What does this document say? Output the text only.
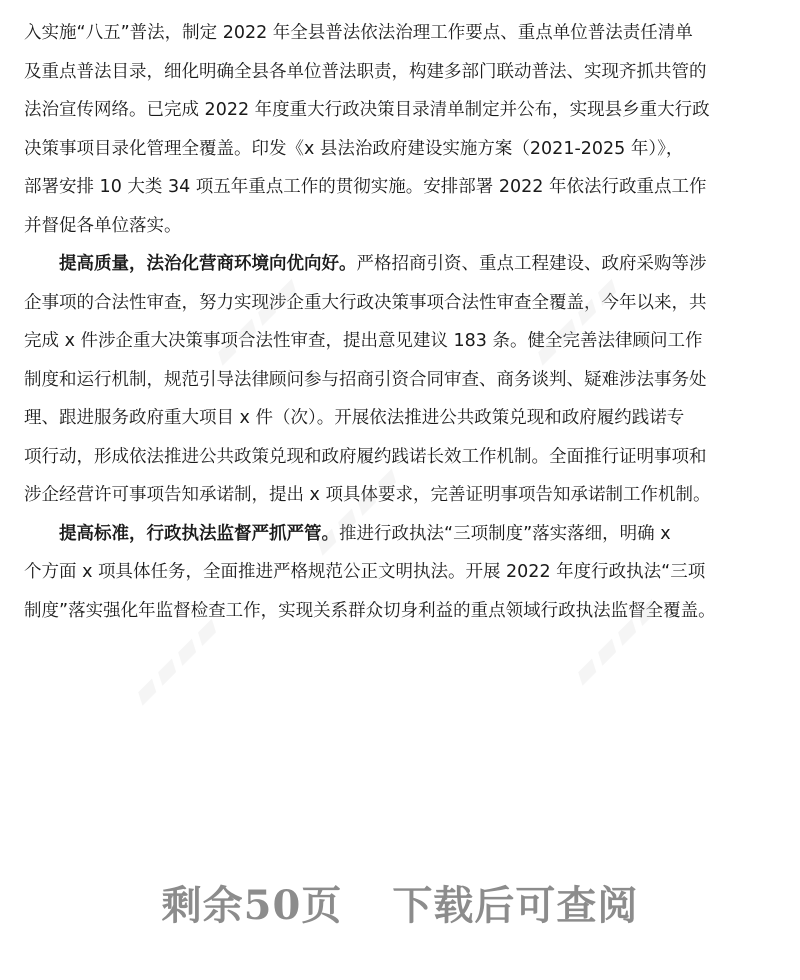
入实施“八五”普法，制定 2022 年全县普法依法治理工作要点、重点单位普法责任清单
及重点普法目录，细化明确全县各单位普法职责，构建多部门联动普法、实现齐抓共管的
法治宣传网络。已完成 2022 年度重大行政决策目录清单制定并公布，实现县乡重大行政
决策事项目录化管理全覆盖。印发《x 县法治政府建设实施方案（2021-2025 年）》，
部署安排 10 大类 34 项五年重点工作的贯彻实施。安排部署 2022 年依法行政重点工作
并督促各单位落实。
提高质量，法治化营商环境向优向好。严格招商引资、重点工程建设、政府采购等涉
企事项的合法性审查，努力实现涉企重大行政决策事项合法性审查全覆盖，今年以来，共
完成 x 件涉企重大决策事项合法性审查，提出意见建议 183 条。健全完善法律顾问工作
制度和运行机制，规范引导法律顾问参与招商引资合同审查、商务谈判、疑难涉法事务处
理、跟进服务政府重大项目 x 件（次）。开展依法推进公共政策兑现和政府履约践诺专
项行动，形成依法推进公共政策兑现和政府履约践诺长效工作机制。全面推行证明事项和
涉企经营许可事项告知承诺制，提出 x 项具体要求，完善证明事项告知承诺制工作机制。
提高标准，行政执法监督严抓严管。推进行政执法“三项制度”落实落细，明确 x
个方面 x 项具体任务，全面推进严格规范公正文明执法。开展 2022 年度行政执法“三项
制度”落实强化年监督检查工作，实现关系群众切身利益的重点领域行政执法监督全覆盖。
▰▰▰▰	▰▰▰▰
▰▰▰▰
▰▰▰▰
▰▰▰▰
剩余50页 下载后可查阅
